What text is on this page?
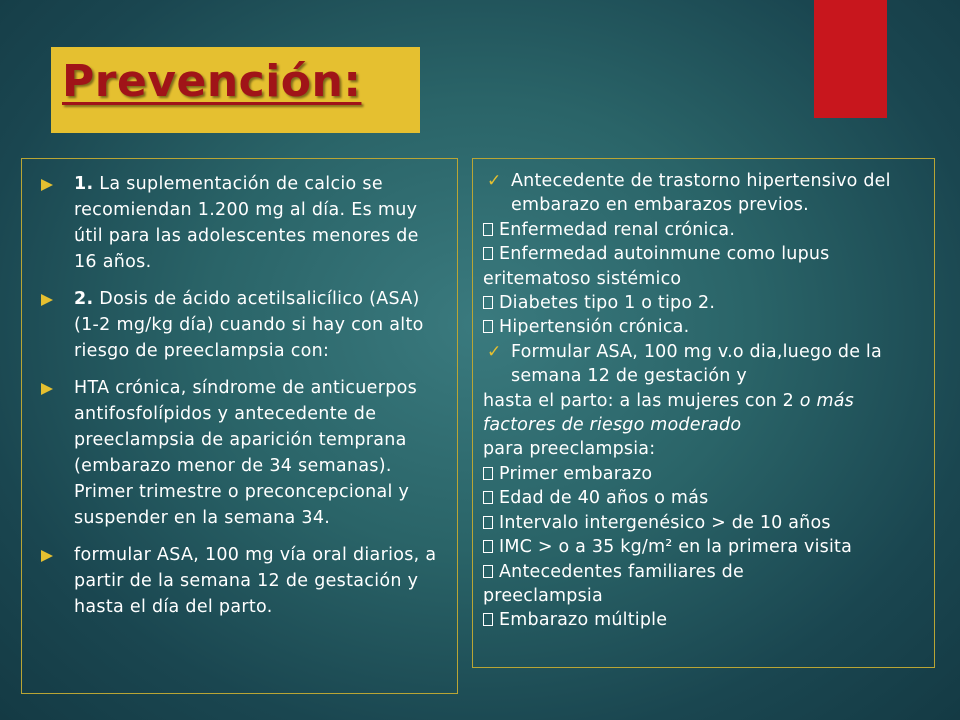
Prevención:
1. La suplementación de calcio se recomiendan 1.200 mg al día. Es muy útil para las adolescentes menores de 16 años.
2. Dosis de ácido acetilsalicílico (ASA) (1-2 mg/kg día) cuando si hay con alto riesgo de preeclampsia con:
HTA crónica, síndrome de anticuerpos antifosfolípidos y antecedente de preeclampsia de aparición temprana (embarazo menor de 34 semanas). Primer trimestre o preconcepcional y suspender en la semana 34.
formular ASA, 100 mg vía oral diarios, a partir de la semana 12 de gestación y hasta el día del parto.
✓ Antecedente de trastorno hipertensivo del embarazo en embarazos previos.
Enfermedad renal crónica.
Enfermedad autoinmune como lupus
eritematoso sistémico
Diabetes tipo 1 o tipo 2.
Hipertensión crónica.
✓ Formular ASA, 100 mg v.o dia,luego de la semana 12 de gestación y
hasta el parto: a las mujeres con 2 o más
factores de riesgo moderado
para preeclampsia:
Primer embarazo
Edad de 40 años o más
Intervalo intergenésico > de 10 años
IMC > o a 35 kg/m² en la primera visita
Antecedentes familiares de
preeclampsia
Embarazo múltiple
